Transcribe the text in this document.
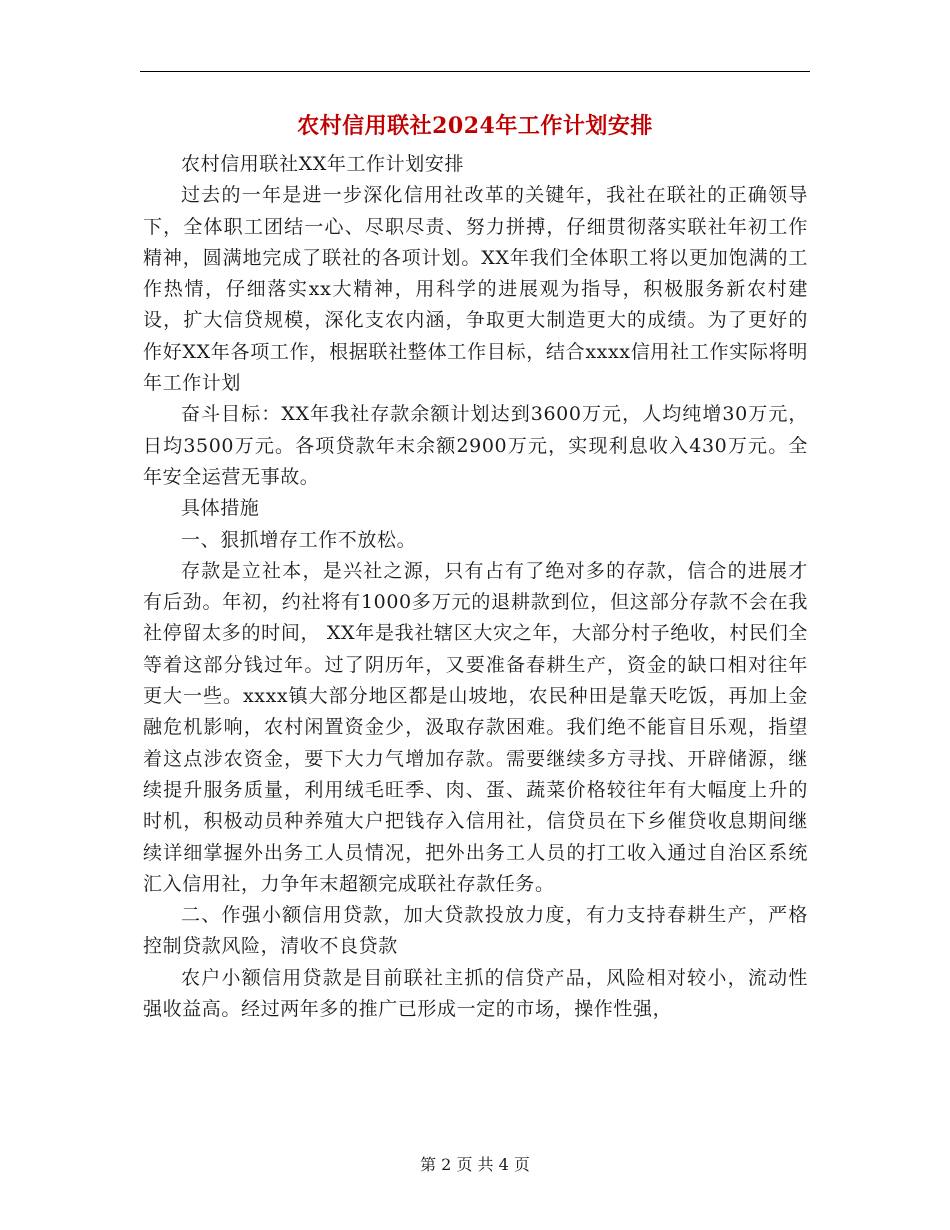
农村信用联社2024年工作计划安排

农村信用联社XX年工作计划安排

过去的一年是进一步深化信用社改革的关键年，我社在联社的正确领导下，全体职工团结一心、尽职尽责、努力拼搏，仔细贯彻落实联社年初工作精神，圆满地完成了联社的各项计划。XX年我们全体职工将以更加饱满的工作热情，仔细落实xx大精神，用科学的进展观为指导，积极服务新农村建设，扩大信贷规模，深化支农内涵，争取更大制造更大的成绩。为了更好的作好XX年各项工作，根据联社整体工作目标，结合xxxx信用社工作实际将明年工作计划

奋斗目标：XX年我社存款余额计划达到3600万元，人均纯增30万元，日均3500万元。各项贷款年末余额2900万元，实现利息收入430万元。全年安全运营无事故。

具体措施

一、狠抓增存工作不放松。

存款是立社本，是兴社之源，只有占有了绝对多的存款，信合的进展才有后劲。年初，约社将有1000多万元的退耕款到位，但这部分存款不会在我社停留太多的时间， XX年是我社辖区大灾之年，大部分村子绝收，村民们全等着这部分钱过年。过了阴历年，又要准备春耕生产，资金的缺口相对往年更大一些。xxxx镇大部分地区都是山坡地，农民种田是靠天吃饭，再加上金融危机影响，农村闲置资金少，汲取存款困难。我们绝不能盲目乐观，指望着这点涉农资金，要下大力气增加存款。需要继续多方寻找、开辟储源，继续提升服务质量，利用绒毛旺季、肉、蛋、蔬菜价格较往年有大幅度上升的时机，积极动员种养殖大户把钱存入信用社，信贷员在下乡催贷收息期间继续详细掌握外出务工人员情况，把外出务工人员的打工收入通过自治区系统汇入信用社，力争年末超额完成联社存款任务。

二、作强小额信用贷款，加大贷款投放力度，有力支持春耕生产，严格控制贷款风险，清收不良贷款

农户小额信用贷款是目前联社主抓的信贷产品，风险相对较小，流动性强收益高。经过两年多的推广已形成一定的市场，操作性强，

第 2 页 共 4 页
